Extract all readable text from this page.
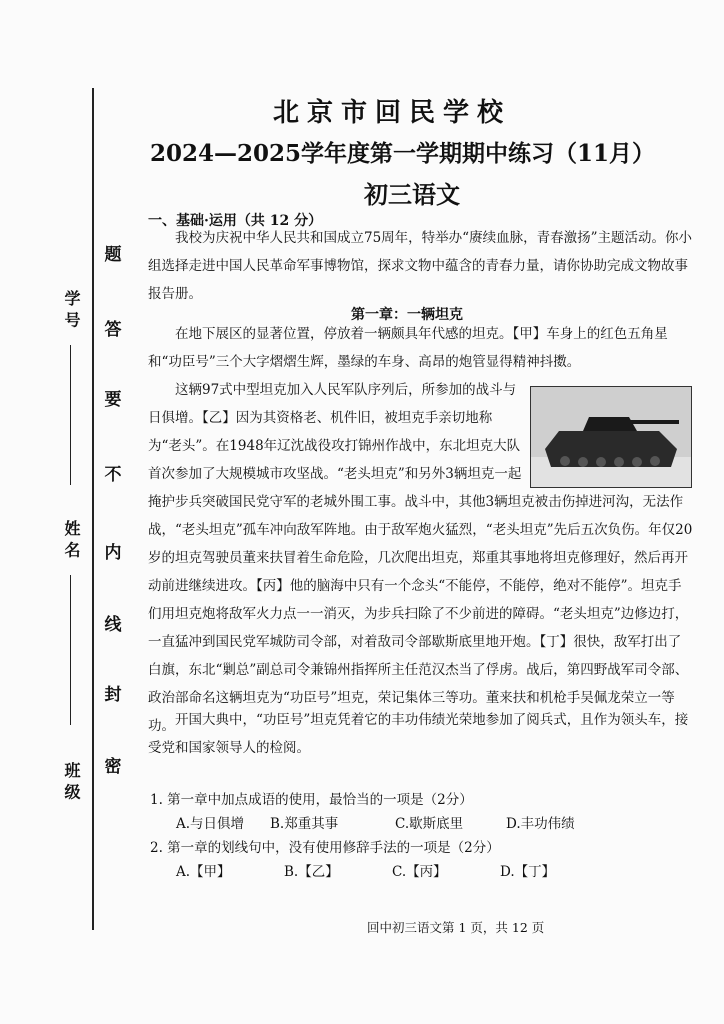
题
答
要
不
内
线
封
密
学 号
姓 名
班 级
北京市回民学校
2024—2025学年度第一学期期中练习（11月）
初三语文
一、基础·运用（共 12 分）
我校为庆祝中华人民共和国成立75周年，特举办“赓续血脉，青春激扬”主题活动。你小组选择走进中国人民革命军事博物馆，探求文物中蕴含的青春力量，请你协助完成文物故事报告册。
第一章：一辆坦克
在地下展区的显著位置，停放着一辆颇具年代感的坦克。【甲】车身上的红色五角星和“功臣号”三个大字熠熠生辉，墨绿的车身、高昂的炮管显得精神抖擞。
这辆97式中型坦克加入人民军队序列后，所参加的战斗与日俱增。【乙】因为其资格老、机件旧，被坦克手亲切地称为“老头”。在1948年辽沈战役攻打锦州作战中，东北坦克大队首次参加了大规模城市攻坚战。“老头坦克”和另外3辆坦克一起掩护步兵突破国民党守军的老城外围工事。战斗中，其他3辆坦克被击伤掉进河沟，无法作战，“老头坦克”孤车冲向敌军阵地。由于敌军炮火猛烈，“老头坦克”先后五次负伤。年仅20岁的坦克驾驶员董来扶冒着生命危险，几次爬出坦克，郑重其事地将坦克修理好，然后再开动前进继续进攻。【丙】他的脑海中只有一个念头“不能停，不能停，绝对不能停”。坦克手们用坦克炮将敌军火力点一一消灭，为步兵扫除了不少前进的障碍。“老头坦克”边修边打，一直猛冲到国民党军城防司令部，对着敌司令部歇斯底里地开炮。【丁】很快，敌军打出了白旗，东北“剿总”副总司令兼锦州指挥所主任范汉杰当了俘虏。战后，第四野战军司令部、政治部命名这辆坦克为“功臣号”坦克，荣记集体三等功。董来扶和机枪手吴佩龙荣立一等功。 开国大典中，“功臣号”坦克凭着它的丰功伟绩光荣地参加了阅兵式，且作为领头车，接受党和国家领导人的检阅。
1. 第一章中加点成语的使用，最恰当的一项是（2分）
A.与日俱增 B.郑重其事	C.歇斯底里	D.丰功伟绩
2. 第一章的划线句中，没有使用修辞手法的一项是（2分）
A.【甲】	B.【乙】	C.【丙】	D.【丁】
回中初三语文第 1 页，共 12 页
